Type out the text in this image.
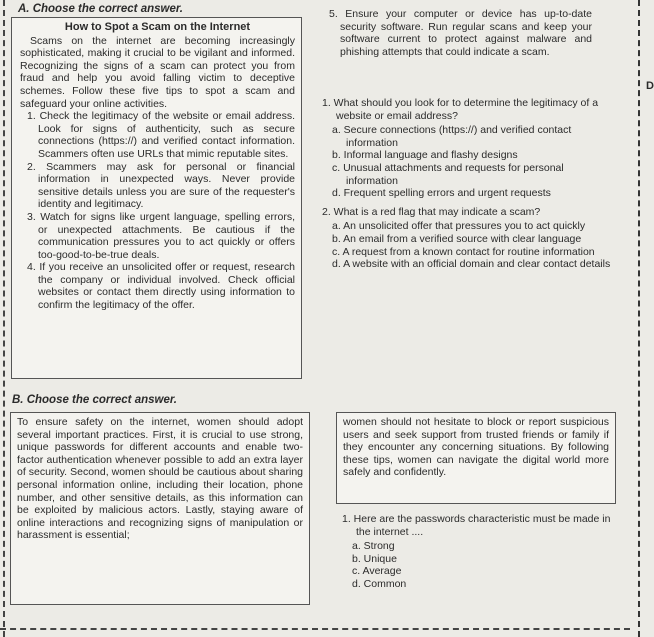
D
A. Choose the correct answer.

How to Spot a Scam on the Internet

Scams on the internet are becoming increasingly sophisticated, making it crucial to be vigilant and informed. Recognizing the signs of a scam can protect you from fraud and help you avoid falling victim to deceptive schemes. Follow these five tips to spot a scam and safeguard your online activities.

1. Check the legitimacy of the website or email address. Look for signs of authenticity, such as secure connections (https://) and verified contact information. Scammers often use URLs that mimic reputable sites.

2. Scammers may ask for personal or financial information in unexpected ways. Never provide sensitive details unless you are sure of the requester's identity and legitimacy.

3. Watch for signs like urgent language, spelling errors, or unexpected attachments. Be cautious if the communication pressures you to act quickly or offers too-good-to-be-true deals.

4. If you receive an unsolicited offer or request, research the company or individual involved. Check official websites or contact them directly using information to confirm the legitimacy of the offer.

5. Ensure your computer or device has up-to-date security software. Run regular scans and keep your software current to protect against malware and phishing attempts that could indicate a scam.

1. What should you look for to determine the legitimacy of a website or email address?

a. Secure connections (https://) and verified contact information

b. Informal language and flashy designs

c. Unusual attachments and requests for personal information

d. Frequent spelling errors and urgent requests

2. What is a red flag that may indicate a scam?

a. An unsolicited offer that pressures you to act quickly

b. An email from a verified source with clear language

c. A request from a known contact for routine information

d. A website with an official domain and clear contact details

B. Choose the correct answer.

To ensure safety on the internet, women should adopt several important practices. First, it is crucial to use strong, unique passwords for different accounts and enable two-factor authentication whenever possible to add an extra layer of security. Second, women should be cautious about sharing personal information online, including their location, phone number, and other sensitive details, as this information can be exploited by malicious actors. Lastly, staying aware of online interactions and recognizing signs of manipulation or harassment is essential;

women should not hesitate to block or report suspicious users and seek support from trusted friends or family if they encounter any concerning situations. By following these tips, women can navigate the digital world more safely and confidently.

1. Here are the passwords characteristic must be made in the internet ....

a. Strong

b. Unique

c. Average

d. Common
